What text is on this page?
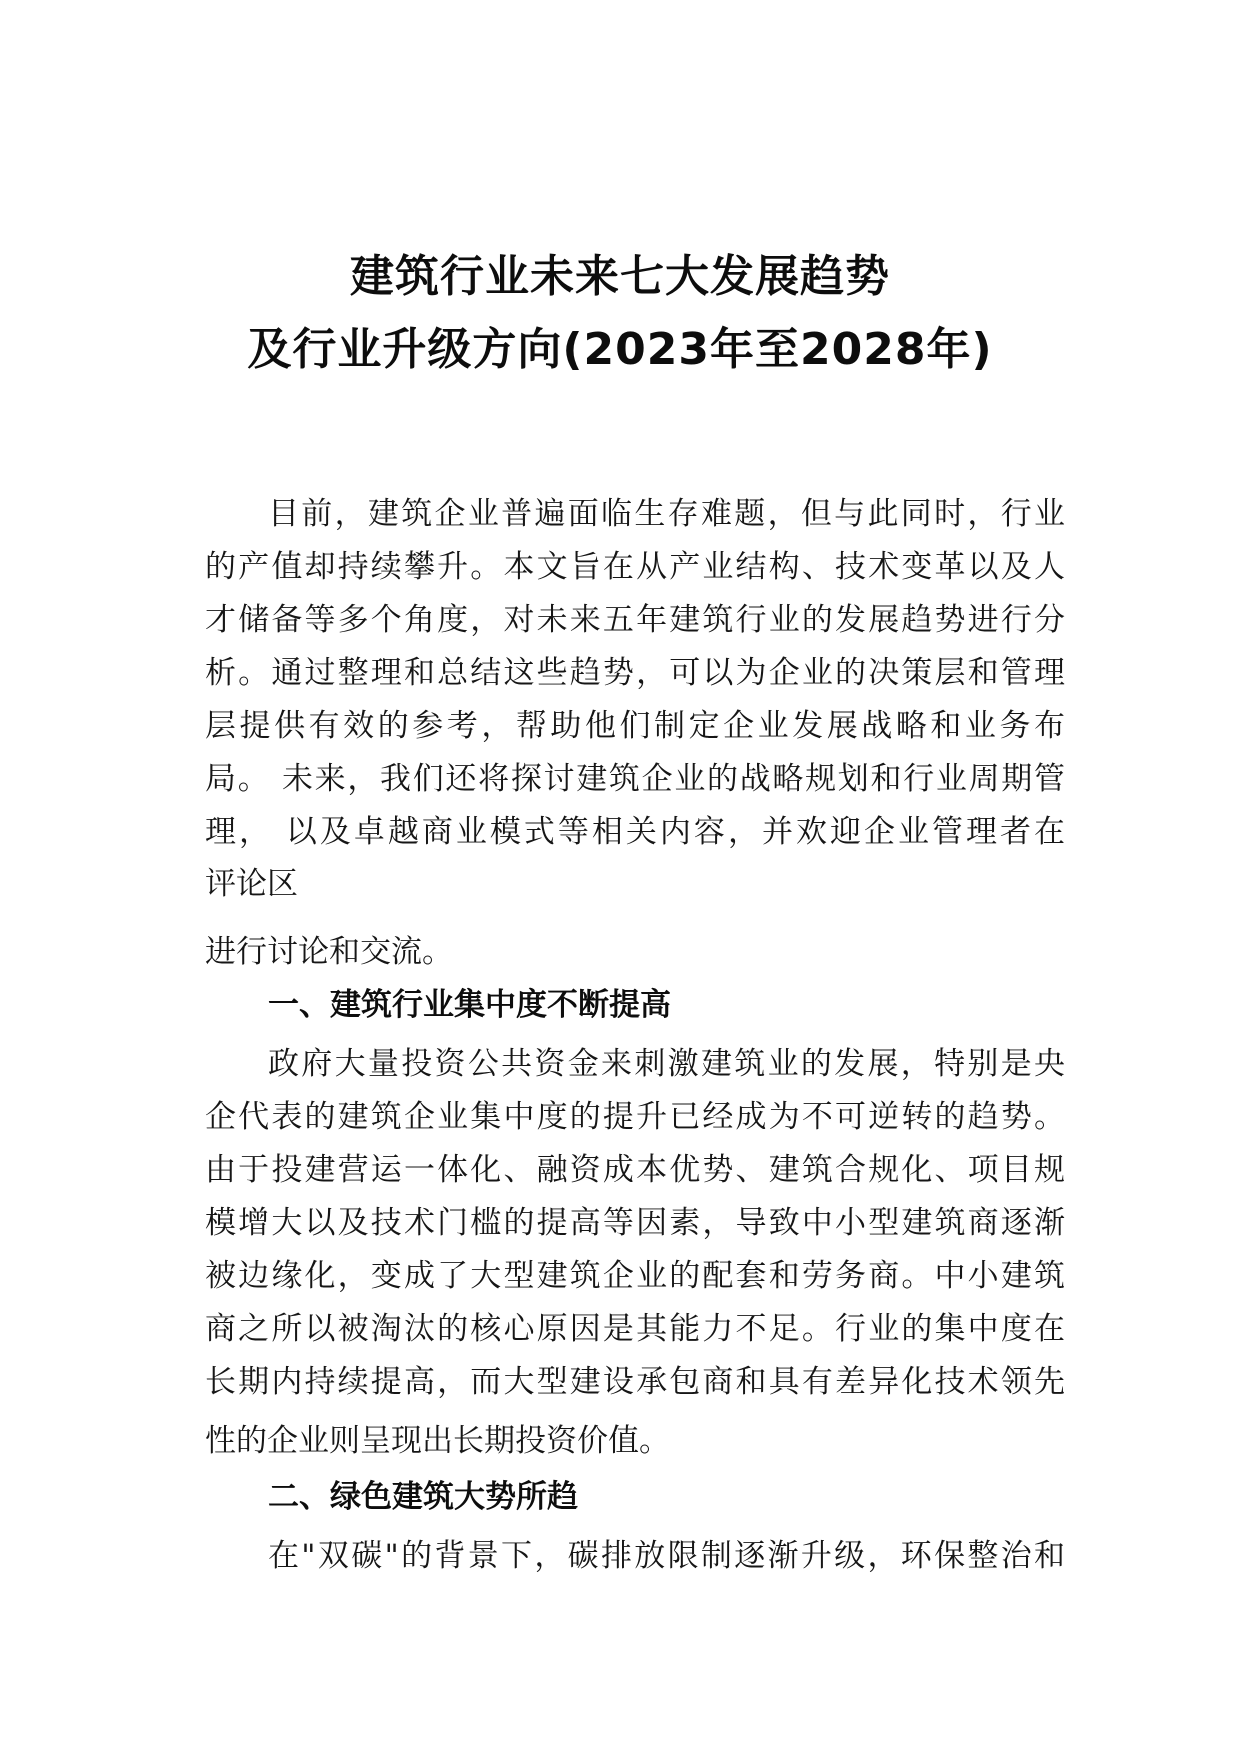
建筑行业未来七大发展趋势
及行业升级方向(2023年至2028年)
目前，建筑企业普遍面临生存难题，但与此同时，行业
的产值却持续攀升。本文旨在从产业结构、技术变革以及人
才储备等多个角度，对未来五年建筑行业的发展趋势进行分
析。通过整理和总结这些趋势，可以为企业的决策层和管理
层提供有效的参考，帮助他们制定企业发展战略和业务布
局。 未来，我们还将探讨建筑企业的战略规划和行业周期管
理， 以及卓越商业模式等相关内容，并欢迎企业管理者在
评论区
进行讨论和交流。
一、建筑行业集中度不断提高
政府大量投资公共资金来刺激建筑业的发展，特别是央
企代表的建筑企业集中度的提升已经成为不可逆转的趋势。
由于投建营运一体化、融资成本优势、建筑合规化、项目规
模增大以及技术门槛的提高等因素，导致中小型建筑商逐渐
被边缘化，变成了大型建筑企业的配套和劳务商。中小建筑
商之所以被淘汰的核心原因是其能力不足。行业的集中度在
长期内持续提高，而大型建设承包商和具有差异化技术领先
性的企业则呈现出长期投资价值。
二、绿色建筑大势所趋
在"双碳"的背景下，碳排放限制逐渐升级，环保整治和
